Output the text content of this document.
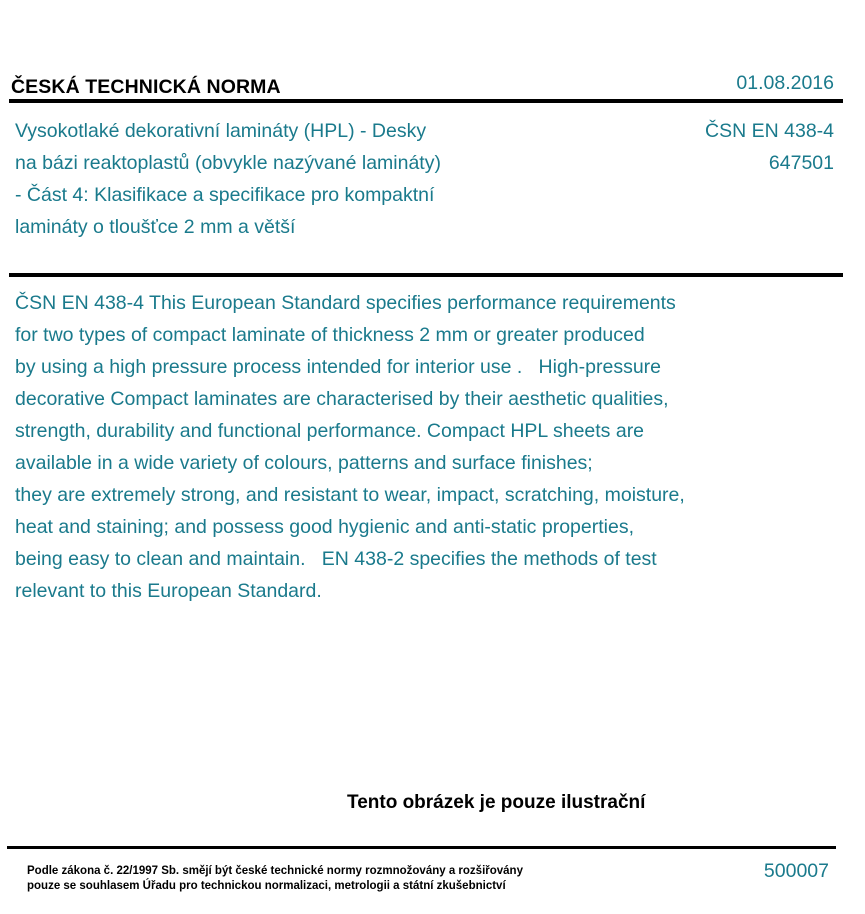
ČESKÁ TECHNICKÁ NORMA	01.08.2016
Vysokotlaké dekorativní lamináty (HPL) - Desky
na bázi reaktoplastů (obvykle nazývané lamináty)
- Část 4: Klasifikace a specifikace pro kompaktní
lamináty o tloušťce 2 mm a větší
ČSN EN 438-4
647501
ČSN EN 438-4 This European Standard specifies performance requirements
for two types of compact laminate of thickness 2 mm or greater produced
by using a high pressure process intended for interior use .   High-pressure
decorative Compact laminates are characterised by their aesthetic qualities,
strength, durability and functional performance. Compact HPL sheets are
available in a wide variety of colours, patterns and surface finishes;
they are extremely strong, and resistant to wear, impact, scratching, moisture,
heat and staining; and possess good hygienic and anti-static properties,
being easy to clean and maintain.   EN 438-2 specifies the methods of test
relevant to this European Standard.
Tento obrázek je pouze ilustrační
Podle zákona č. 22/1997 Sb. smějí být české technické normy rozmnožovány a rozšiřovány
pouze se souhlasem Úřadu pro technickou normalizaci, metrologii a státní zkušebnictví
500007
